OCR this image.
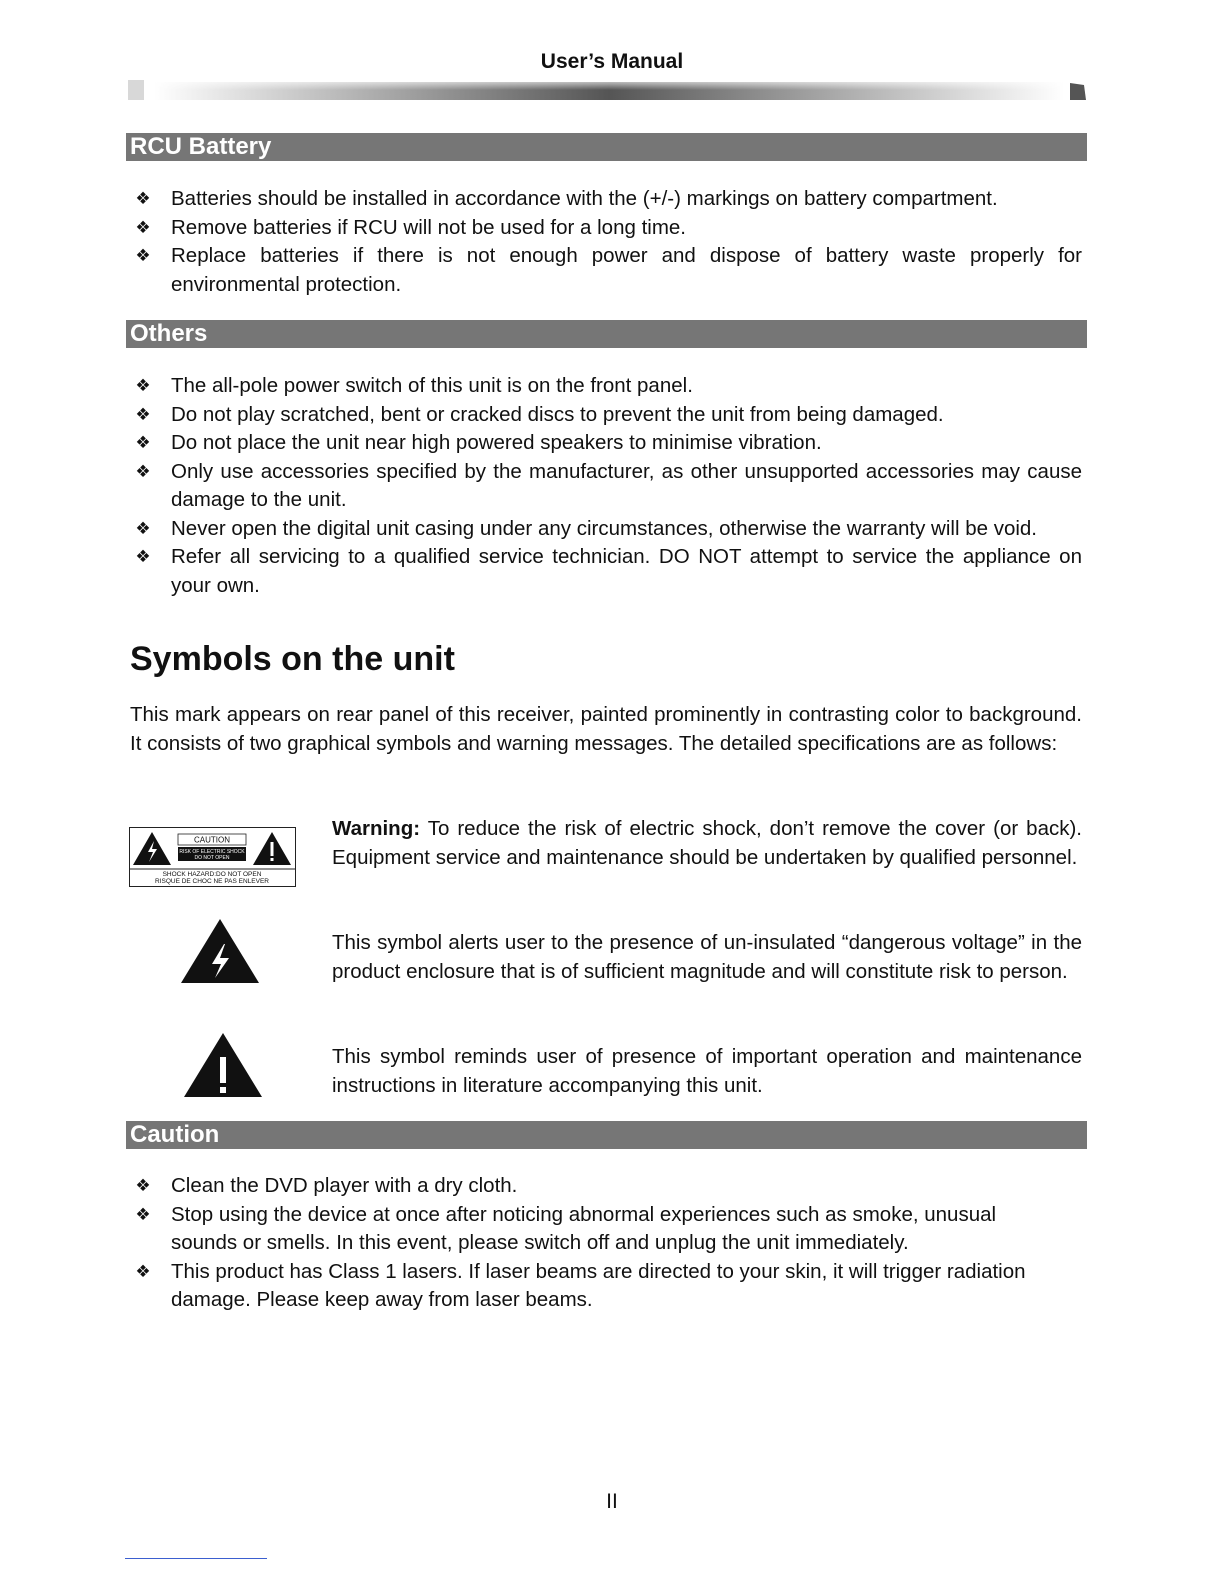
User’s Manual
RCU Battery
❖ Batteries should be installed in accordance with the (+/-) markings on battery compartment.
❖ Remove batteries if RCU will not be used for a long time.
❖ Replace batteries if there is not enough power and dispose of battery waste properly for environmental protection.
Others
❖ The all-pole power switch of this unit is on the front panel.
❖ Do not play scratched, bent or cracked discs to prevent the unit from being damaged.
❖ Do not place the unit near high powered speakers to minimise vibration.
❖ Only use accessories specified by the manufacturer, as other unsupported accessories may cause damage to the unit.
❖ Never open the digital unit casing under any circumstances, otherwise the warranty will be void.
❖ Refer all servicing to a qualified service technician. DO NOT attempt to service the appliance on your own.
Symbols on the unit
This mark appears on rear panel of this receiver, painted prominently in contrasting color to background. It consists of two graphical symbols and warning messages. The detailed specifications are as follows:
CAUTION
RISK OF ELECTRIC SHOCK
DO NOT OPEN
SHOCK HAZARD:DO NOT OPEN
RISQUE DE CHOC NE PAS ENLEVER
Warning: To reduce the risk of electric shock, don’t remove the cover (or back). Equipment service and maintenance should be undertaken by qualified personnel.
This symbol alerts user to the presence of un-insulated “dangerous voltage” in the product enclosure that is of sufficient magnitude and will constitute risk to person.
This symbol reminds user of presence of important operation and maintenance instructions in literature accompanying this unit.
Caution
❖ Clean the DVD player with a dry cloth.
❖ Stop using the device at once after noticing abnormal experiences such as smoke, unusual sounds or smells. In this event, please switch off and unplug the unit immediately.
❖ This product has Class 1 lasers. If laser beams are directed to your skin, it will trigger radiation damage. Please keep away from laser beams.
II
